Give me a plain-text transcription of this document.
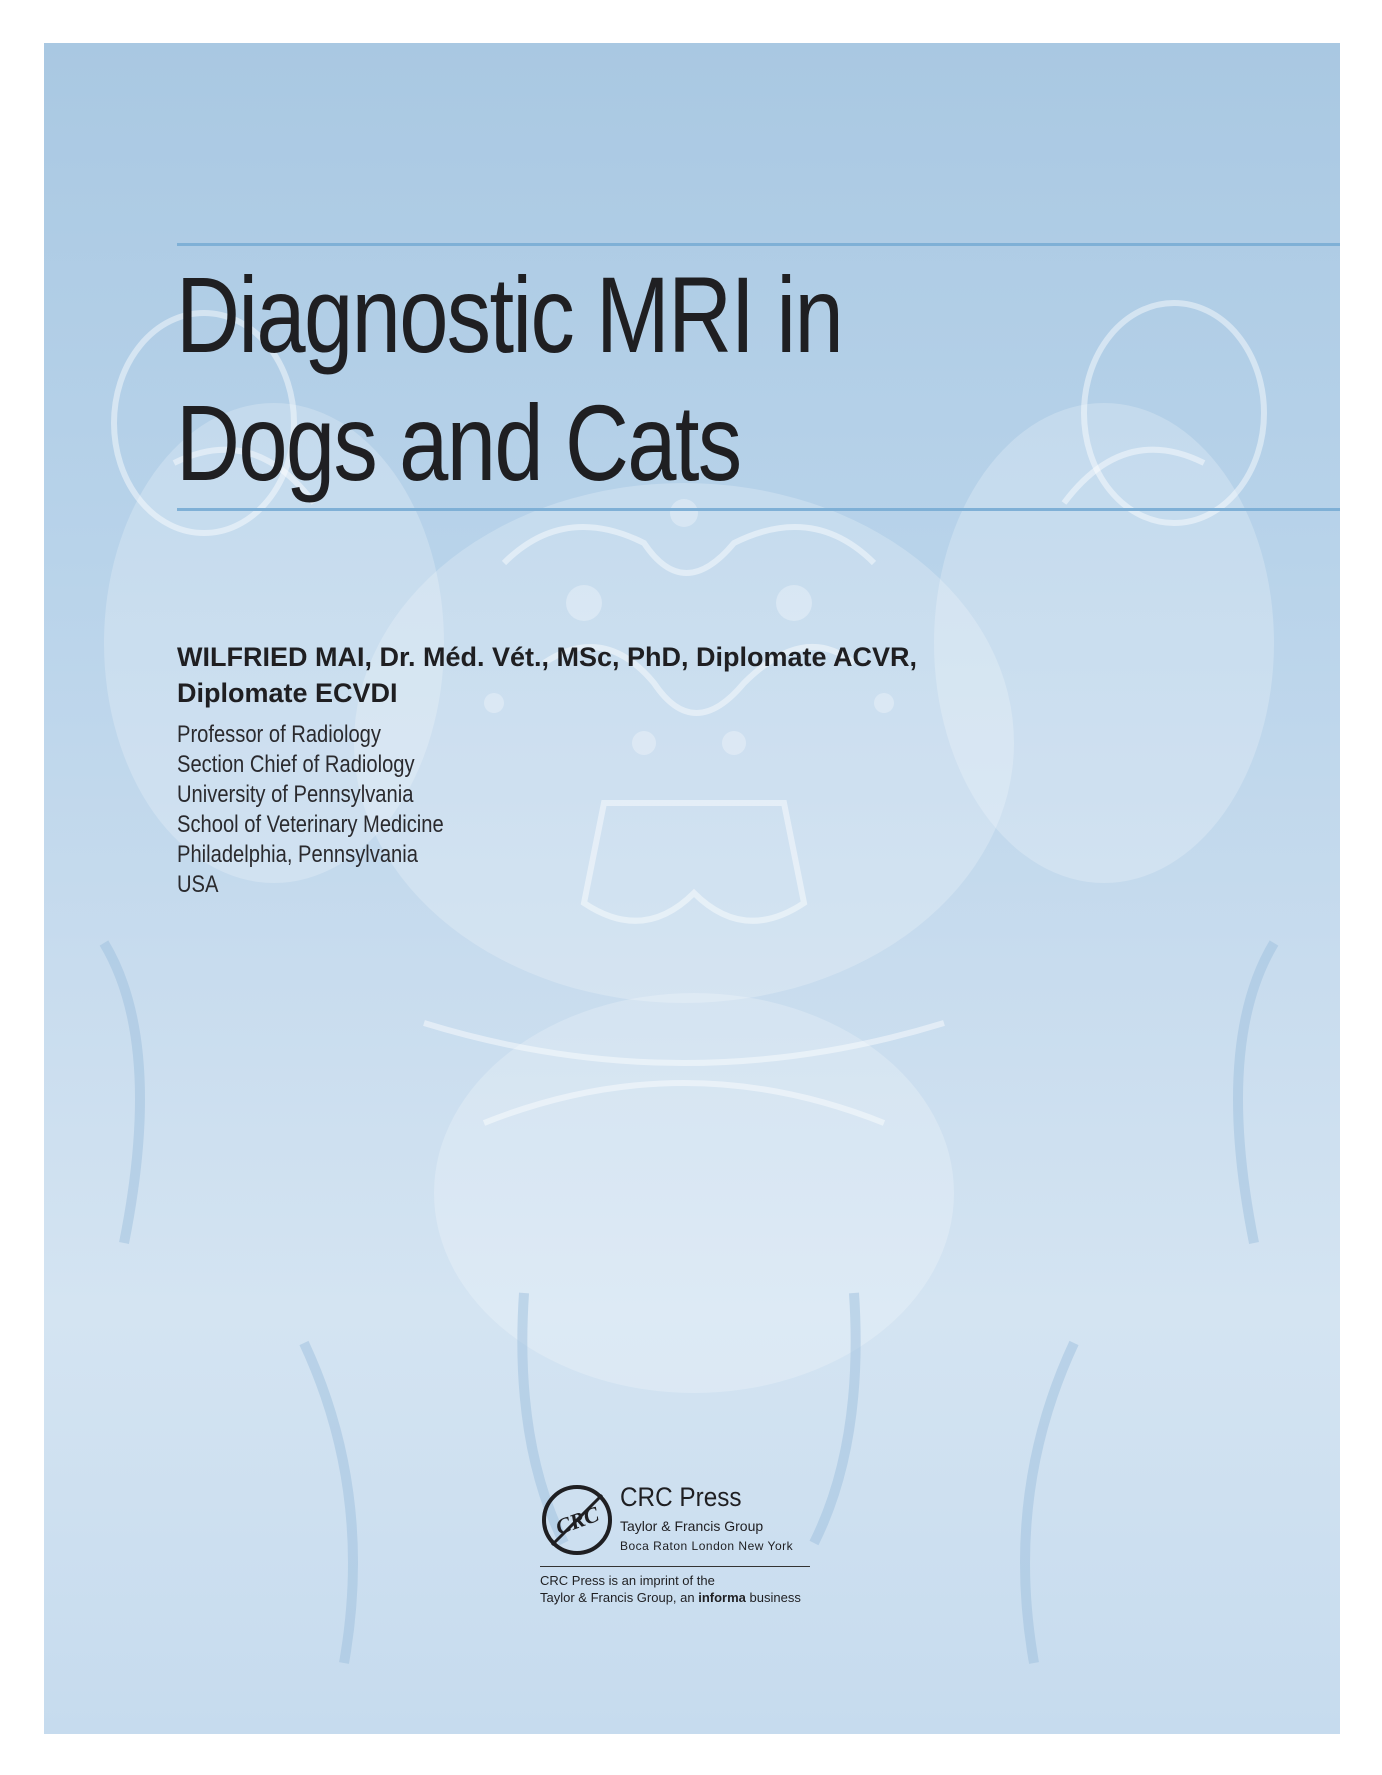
Diagnostic MRI in
Dogs and Cats
WILFRIED MAI, Dr. Méd. Vét., MSc, PhD, Diplomate ACVR,
Diplomate ECVDI
Professor of Radiology
Section Chief of Radiology
University of Pennsylvania
School of Veterinary Medicine
Philadelphia, Pennsylvania
USA
CRC
CRC Press
Taylor & Francis Group
Boca Raton London New York
CRC Press is an imprint of the
Taylor & Francis Group, an informa business
